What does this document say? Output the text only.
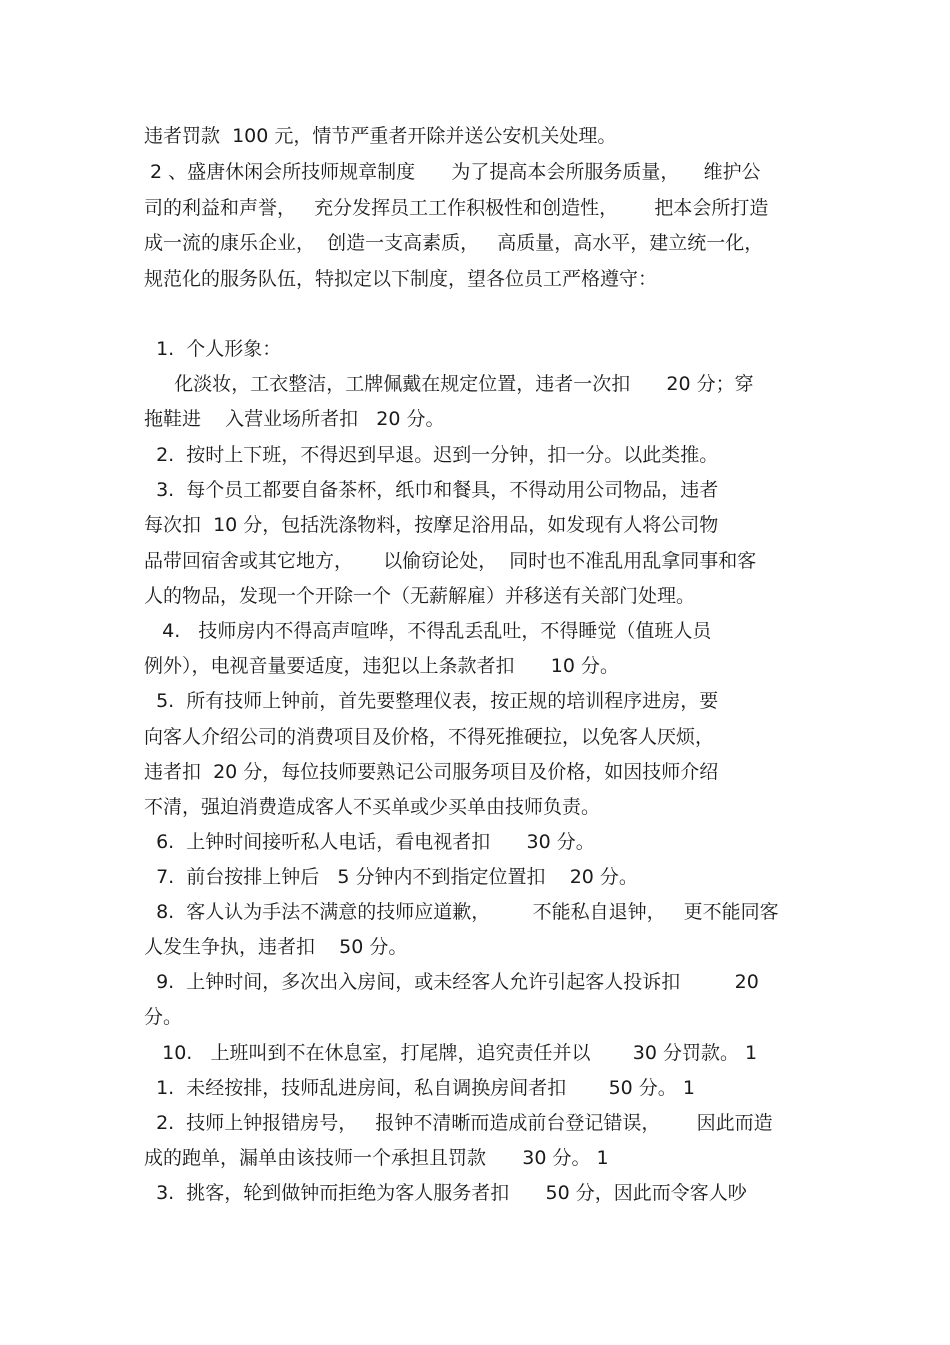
违者罚款  100 元，情节严重者开除并送公安机关处理。
2 、盛唐休闲会所技师规章制度      为了提高本会所服务质量，    维护公
司的利益和声誉，   充分发挥员工工作积极性和创造性，      把本会所打造
成一流的康乐企业，  创造一支高素质，   高质量，高水平，建立统一化，
规范化的服务队伍，特拟定以下制度，望各位员工严格遵守：
1.  个人形象：
化淡妆，工衣整洁，工牌佩戴在规定位置，违者一次扣      20 分；穿
拖鞋进    入营业场所者扣   20 分。
2.  按时上下班，不得迟到早退。迟到一分钟，扣一分。以此类推。
3.  每个员工都要自备茶杯，纸巾和餐具，不得动用公司物品，违者
每次扣  10 分，包括洗涤物料，按摩足浴用品，如发现有人将公司物
品带回宿舍或其它地方，     以偷窃论处，  同时也不准乱用乱拿同事和客
人的物品，发现一个开除一个（无薪解雇）并移送有关部门处理。
4.   技师房内不得高声喧哗，不得乱丢乱吐，不得睡觉（值班人员
例外），电视音量要适度，违犯以上条款者扣      10 分。
5.  所有技师上钟前，首先要整理仪表，按正规的培训程序进房，要
向客人介绍公司的消费项目及价格，不得死推硬拉，以免客人厌烦，
违者扣  20 分，每位技师要熟记公司服务项目及价格，如因技师介绍
不清，强迫消费造成客人不买单或少买单由技师负责。
6.  上钟时间接听私人电话，看电视者扣      30 分。
7.  前台按排上钟后   5 分钟内不到指定位置扣    20 分。
8.  客人认为手法不满意的技师应道歉，       不能私自退钟，   更不能同客
人发生争执，违者扣    50 分。
9.  上钟时间，多次出入房间，或未经客人允许引起客人投诉扣         20
分。
10.   上班叫到不在休息室，打尾牌，追究责任并以       30 分罚款。 1
1.  未经按排，技师乱进房间，私自调换房间者扣       50 分。 1
2.  技师上钟报错房号，   报钟不清晰而造成前台登记错误，      因此而造
成的跑单，漏单由该技师一个承担且罚款      30 分。 1
3.  挑客，轮到做钟而拒绝为客人服务者扣      50 分，因此而令客人吵
